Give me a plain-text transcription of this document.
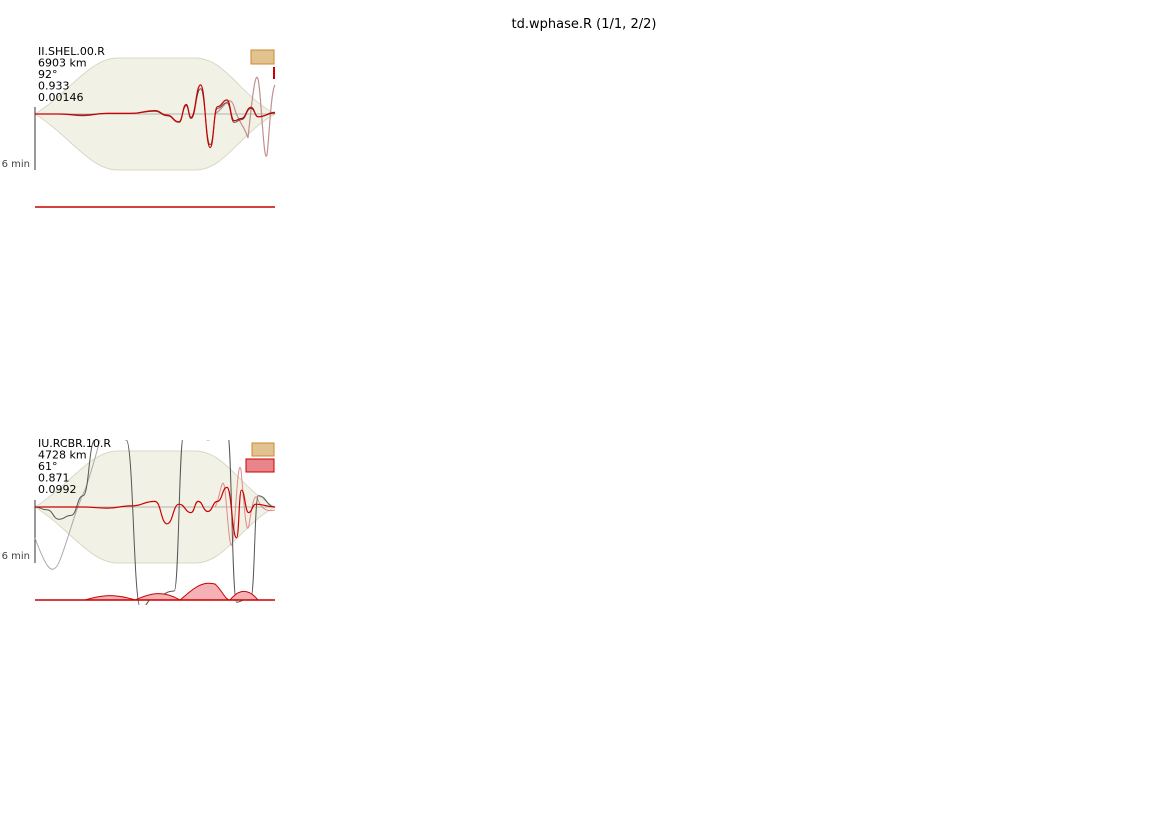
td.wphase.R (1/1, 2/2)
6 min
II.SHEL.00.R 6903 km 92° 0.933 0.00146
6 min
IU.RCBR.10.R 4728 km 61° 0.871 0.0992
